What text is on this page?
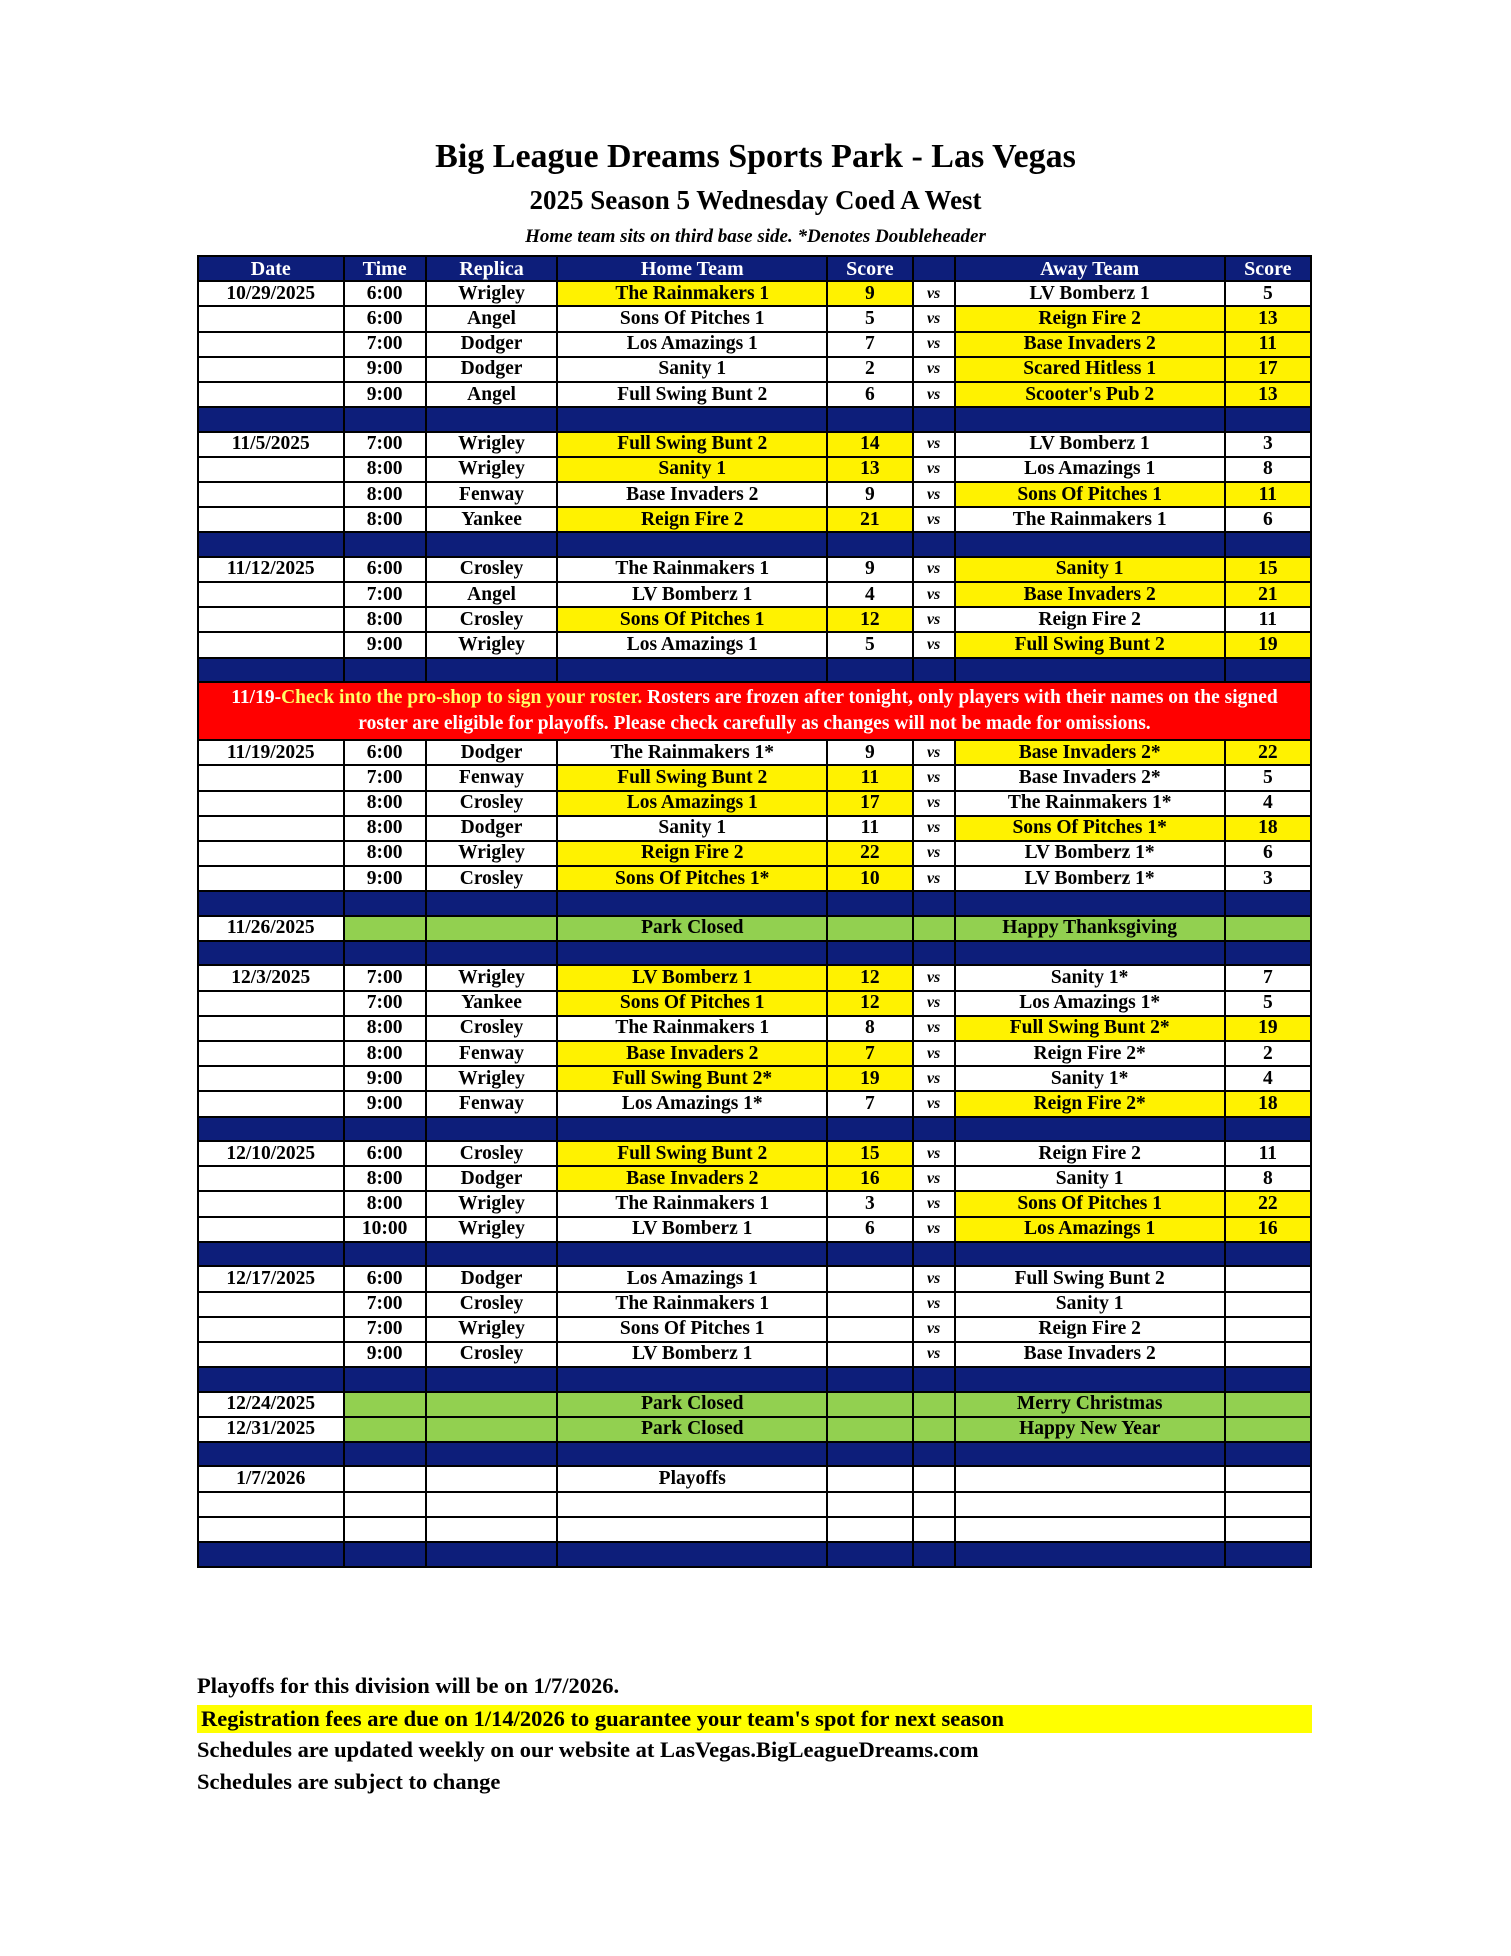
Big League Dreams Sports Park - Las Vegas
2025 Season 5 Wednesday Coed A West
Home team sits on third base side. *Denotes Doubleheader
Date	Time	Replica	Home Team	Score		Away Team	Score
10/29/2025	6:00	Wrigley	The Rainmakers 1	9	vs	LV Bomberz 1	5
	6:00	Angel	Sons Of Pitches 1	5	vs	Reign Fire 2	13
	7:00	Dodger	Los Amazings 1	7	vs	Base Invaders 2	11
	9:00	Dodger	Sanity 1	2	vs	Scared Hitless 1	17
	9:00	Angel	Full Swing Bunt 2	6	vs	Scooter's Pub 2	13

11/5/2025	7:00	Wrigley	Full Swing Bunt 2	14	vs	LV Bomberz 1	3
	8:00	Wrigley	Sanity 1	13	vs	Los Amazings 1	8
	8:00	Fenway	Base Invaders 2	9	vs	Sons Of Pitches 1	11
	8:00	Yankee	Reign Fire 2	21	vs	The Rainmakers 1	6

11/12/2025	6:00	Crosley	The Rainmakers 1	9	vs	Sanity 1	15
	7:00	Angel	LV Bomberz 1	4	vs	Base Invaders 2	21
	8:00	Crosley	Sons Of Pitches 1	12	vs	Reign Fire 2	11
	9:00	Wrigley	Los Amazings 1	5	vs	Full Swing Bunt 2	19

11/19-Check into the pro-shop to sign your roster. Rosters are frozen after tonight, only players with their names on the signed roster are eligible for playoffs. Please check carefully as changes will not be made for omissions.							
11/19/2025	6:00	Dodger	The Rainmakers 1*	9	vs	Base Invaders 2*	22
	7:00	Fenway	Full Swing Bunt 2	11	vs	Base Invaders 2*	5
	8:00	Crosley	Los Amazings 1	17	vs	The Rainmakers 1*	4
	8:00	Dodger	Sanity 1	11	vs	Sons Of Pitches 1*	18
	8:00	Wrigley	Reign Fire 2	22	vs	LV Bomberz 1*	6
	9:00	Crosley	Sons Of Pitches 1*	10	vs	LV Bomberz 1*	3

11/26/2025			Park Closed			Happy Thanksgiving	

12/3/2025	7:00	Wrigley	LV Bomberz 1	12	vs	Sanity 1*	7
	7:00	Yankee	Sons Of Pitches 1	12	vs	Los Amazings 1*	5
	8:00	Crosley	The Rainmakers 1	8	vs	Full Swing Bunt 2*	19
	8:00	Fenway	Base Invaders 2	7	vs	Reign Fire 2*	2
	9:00	Wrigley	Full Swing Bunt 2*	19	vs	Sanity 1*	4
	9:00	Fenway	Los Amazings 1*	7	vs	Reign Fire 2*	18

12/10/2025	6:00	Crosley	Full Swing Bunt 2	15	vs	Reign Fire 2	11
	8:00	Dodger	Base Invaders 2	16	vs	Sanity 1	8
	8:00	Wrigley	The Rainmakers 1	3	vs	Sons Of Pitches 1	22
	10:00	Wrigley	LV Bomberz 1	6	vs	Los Amazings 1	16

12/17/2025	6:00	Dodger	Los Amazings 1		vs	Full Swing Bunt 2	
	7:00	Crosley	The Rainmakers 1		vs	Sanity 1	
	7:00	Wrigley	Sons Of Pitches 1		vs	Reign Fire 2	
	9:00	Crosley	LV Bomberz 1		vs	Base Invaders 2	

12/24/2025			Park Closed			Merry Christmas	
12/31/2025			Park Closed			Happy New Year	

1/7/2026			Playoffs				

Playoffs for this division will be on 1/7/2026.
Registration fees are due on 1/14/2026 to guarantee your team's spot for next season
Schedules are updated weekly on our website at LasVegas.BigLeagueDreams.com
Schedules are subject to change
